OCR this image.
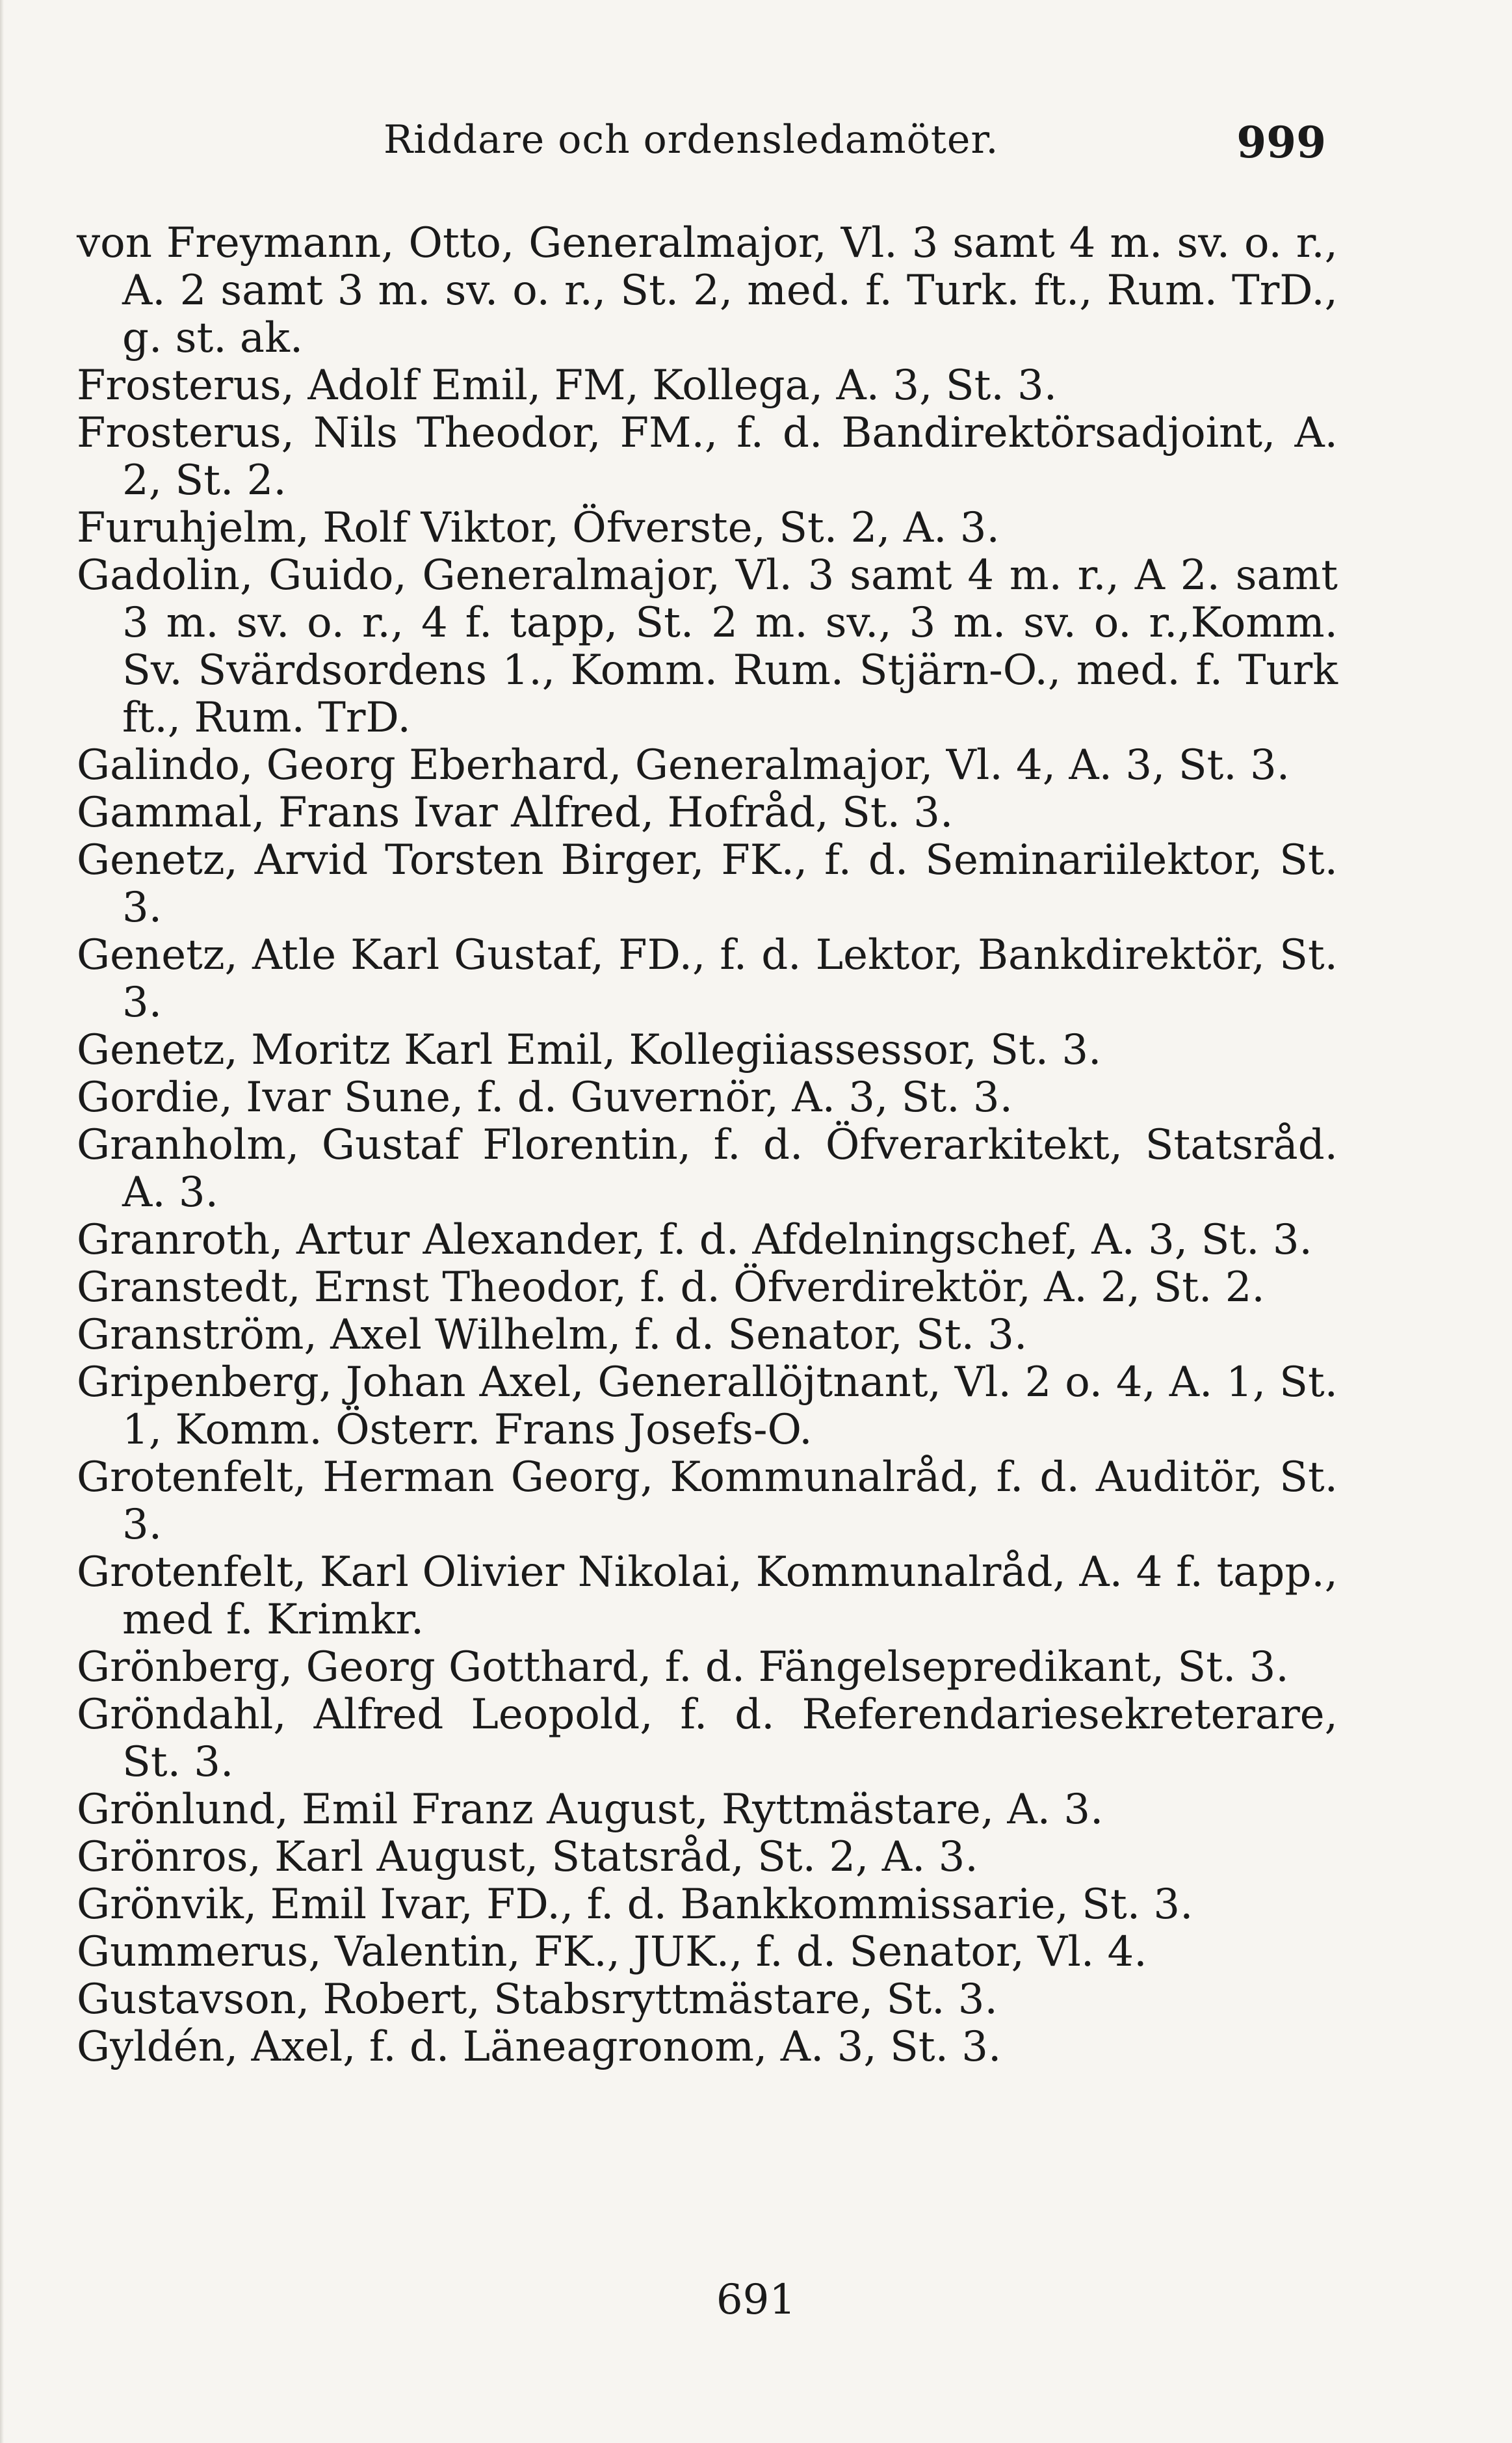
Riddare och ordensledamöter.	999
von Freymann, Otto, Generalmajor, Vl. 3 samt 4 m. sv. o. r., A. 2 samt 3 m. sv. o. r., St. 2, med. f. Turk. ft., Rum. TrD., g. st. ak.
Frosterus, Adolf Emil, FM, Kollega, A. 3, St. 3.
Frosterus, Nils Theodor, FM., f. d. Bandirektörsadjoint, A. 2, St. 2.
Furuhjelm, Rolf Viktor, Öfverste, St. 2, A. 3.
Gadolin, Guido, Generalmajor, Vl. 3 samt 4 m. r., A 2. samt 3 m. sv. o. r., 4 f. tapp, St. 2 m. sv., 3 m. sv. o. r.,Komm. Sv. Svärdsordens 1., Komm. Rum. Stjärn-O., med. f. Turk ft., Rum. TrD.
Galindo, Georg Eberhard, Generalmajor, Vl. 4, A. 3, St. 3.
Gammal, Frans Ivar Alfred, Hofråd, St. 3.
Genetz, Arvid Torsten Birger, FK., f. d. Seminariilektor, St. 3.
Genetz, Atle Karl Gustaf, FD., f. d. Lektor, Bankdirektör, St. 3.
Genetz, Moritz Karl Emil, Kollegiiassessor, St. 3.
Gordie, Ivar Sune, f. d. Guvernör, A. 3, St. 3.
Granholm, Gustaf Florentin, f. d. Öfverarkitekt, Statsråd. A. 3.
Granroth, Artur Alexander, f. d. Afdelningschef, A. 3, St. 3.
Granstedt, Ernst Theodor, f. d. Öfverdirektör, A. 2, St. 2.
Granström, Axel Wilhelm, f. d. Senator, St. 3.
Gripenberg, Johan Axel, Generallöjtnant, Vl. 2 o. 4, A. 1, St. 1, Komm. Österr. Frans Josefs-O.
Grotenfelt, Herman Georg, Kommunalråd, f. d. Auditör, St. 3.
Grotenfelt, Karl Olivier Nikolai, Kommunalråd, A. 4 f. tapp., med f. Krimkr.
Grönberg, Georg Gotthard, f. d. Fängelsepredikant, St. 3.
Gröndahl, Alfred Leopold, f. d. Referendariesekreterare, St. 3.
Grönlund, Emil Franz August, Ryttmästare, A. 3.
Grönros, Karl August, Statsråd, St. 2, A. 3.
Grönvik, Emil Ivar, FD., f. d. Bankkommissarie, St. 3.
Gummerus, Valentin, FK., JUK., f. d. Senator, Vl. 4.
Gustavson, Robert, Stabsryttmästare, St. 3.
Gyldén, Axel, f. d. Läneagronom, A. 3, St. 3.
691
